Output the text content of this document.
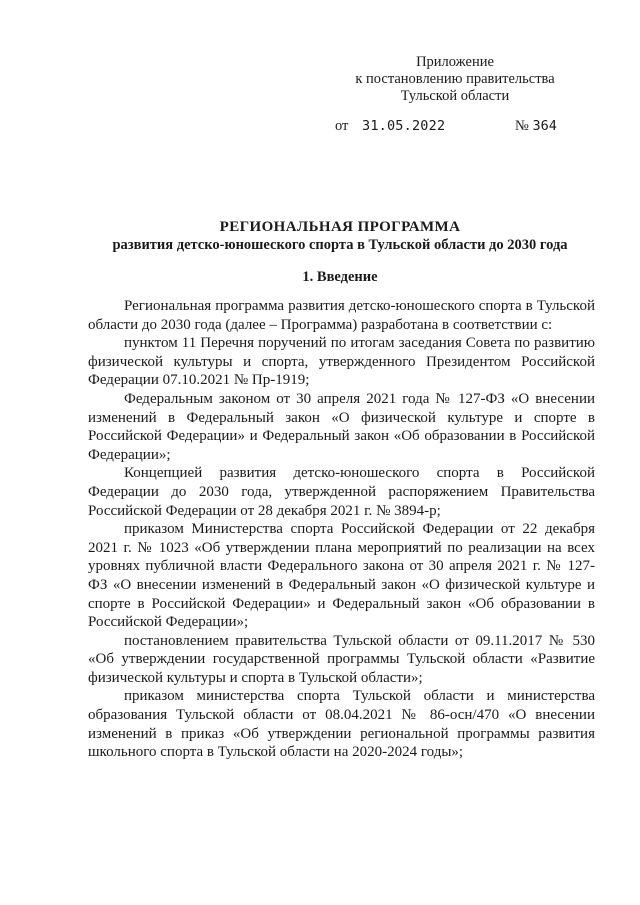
Приложение
к постановлению правительства
Тульской области
от 31.05.2022	№ 364
РЕГИОНАЛЬНАЯ ПРОГРАММА
развития детско-юношеского спорта в Тульской области до 2030 года
1. Введение

Региональная программа развития детско-юношеского спорта в Тульской области до 2030 года (далее – Программа) разработана в соответствии с:

пунктом 11 Перечня поручений по итогам заседания Совета по развитию физической культуры и спорта, утвержденного Президентом Российской Федерации 07.10.2021 № Пр-1919;

Федеральным законом от 30 апреля 2021 года № 127-ФЗ «О внесении изменений в Федеральный закон «О физической культуре и спорте в Российской Федерации» и Федеральный закон «Об образовании в Российской Федерации»;

Концепцией развития детско-юношеского спорта в Российской Федерации до 2030 года, утвержденной распоряжением Правительства Российской Федерации от 28 декабря 2021 г. № 3894-р;

приказом Министерства спорта Российской Федерации от 22 декабря 2021 г. № 1023 «Об утверждении плана мероприятий по реализации на всех уровнях публичной власти Федерального закона от 30 апреля 2021 г. № 127-ФЗ «О внесении изменений в Федеральный закон «О физической культуре и спорте в Российской Федерации» и Федеральный закон «Об образовании в Российской Федерации»;

постановлением правительства Тульской области от 09.11.2017 № 530 «Об утверждении государственной программы Тульской области «Развитие физической культуры и спорта в Тульской области»;

приказом министерства спорта Тульской области и министерства образования Тульской области от 08.04.2021 № 86-осн/470 «О внесении изменений в приказ «Об утверждении региональной программы развития школьного спорта в Тульской области на 2020-2024 годы»;
